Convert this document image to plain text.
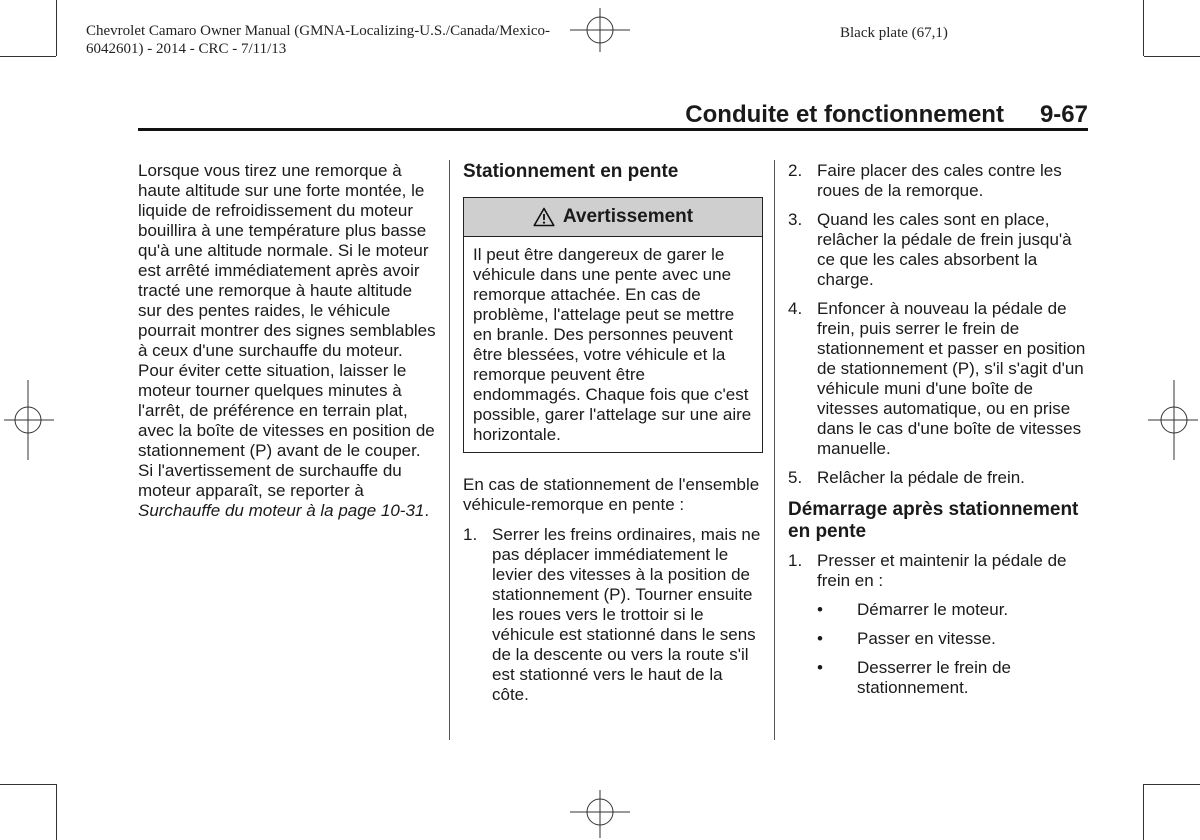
Chevrolet Camaro Owner Manual (GMNA-Localizing-U.S./Canada/Mexico-
6042601) - 2014 - CRC - 7/11/13
Black plate (67,1)
Conduite et fonctionnement 9-67

Lorsque vous tirez une remorque à haute altitude sur une forte montée, le liquide de refroidissement du moteur bouillira à une température plus basse qu'à une altitude normale. Si le moteur est arrêté immédiatement après avoir tracté une remorque à haute altitude sur des pentes raides, le véhicule pourrait montrer des signes semblables à ceux d'une surchauffe du moteur. Pour éviter cette situation, laisser le moteur tourner quelques minutes à l'arrêt, de préférence en terrain plat, avec la boîte de vitesses en position de stationnement (P) avant de le couper. Si l'avertissement de surchauffe du moteur apparaît, se reporter à Surchauffe du moteur à la page 10-31.

Stationnement en pente
Avertissement
Il peut être dangereux de garer le véhicule dans une pente avec une remorque attachée. En cas de problème, l'attelage peut se mettre en branle. Des personnes peuvent être blessées, votre véhicule et la remorque peuvent être endommagés. Chaque fois que c'est possible, garer l'attelage sur une aire horizontale.

En cas de stationnement de l'ensemble véhicule-remorque en pente :

1. Serrer les freins ordinaires, mais ne pas déplacer immédiatement le levier des vitesses à la position de stationnement (P). Tourner ensuite les roues vers le trottoir si le véhicule est stationné dans le sens de la descente ou vers la route s'il est stationné vers le haut de la côte.
2. Faire placer des cales contre les roues de la remorque.
3. Quand les cales sont en place, relâcher la pédale de frein jusqu'à ce que les cales absorbent la charge.
4. Enfoncer à nouveau la pédale de frein, puis serrer le frein de stationnement et passer en position de stationnement (P), s'il s'agit d'un véhicule muni d'une boîte de vitesses automatique, ou en prise dans le cas d'une boîte de vitesses manuelle.
5. Relâcher la pédale de frein.
Démarrage après stationnement en pente
1. Presser et maintenir la pédale de frein en :
• Démarrer le moteur.
• Passer en vitesse.
• Desserrer le frein de stationnement.
